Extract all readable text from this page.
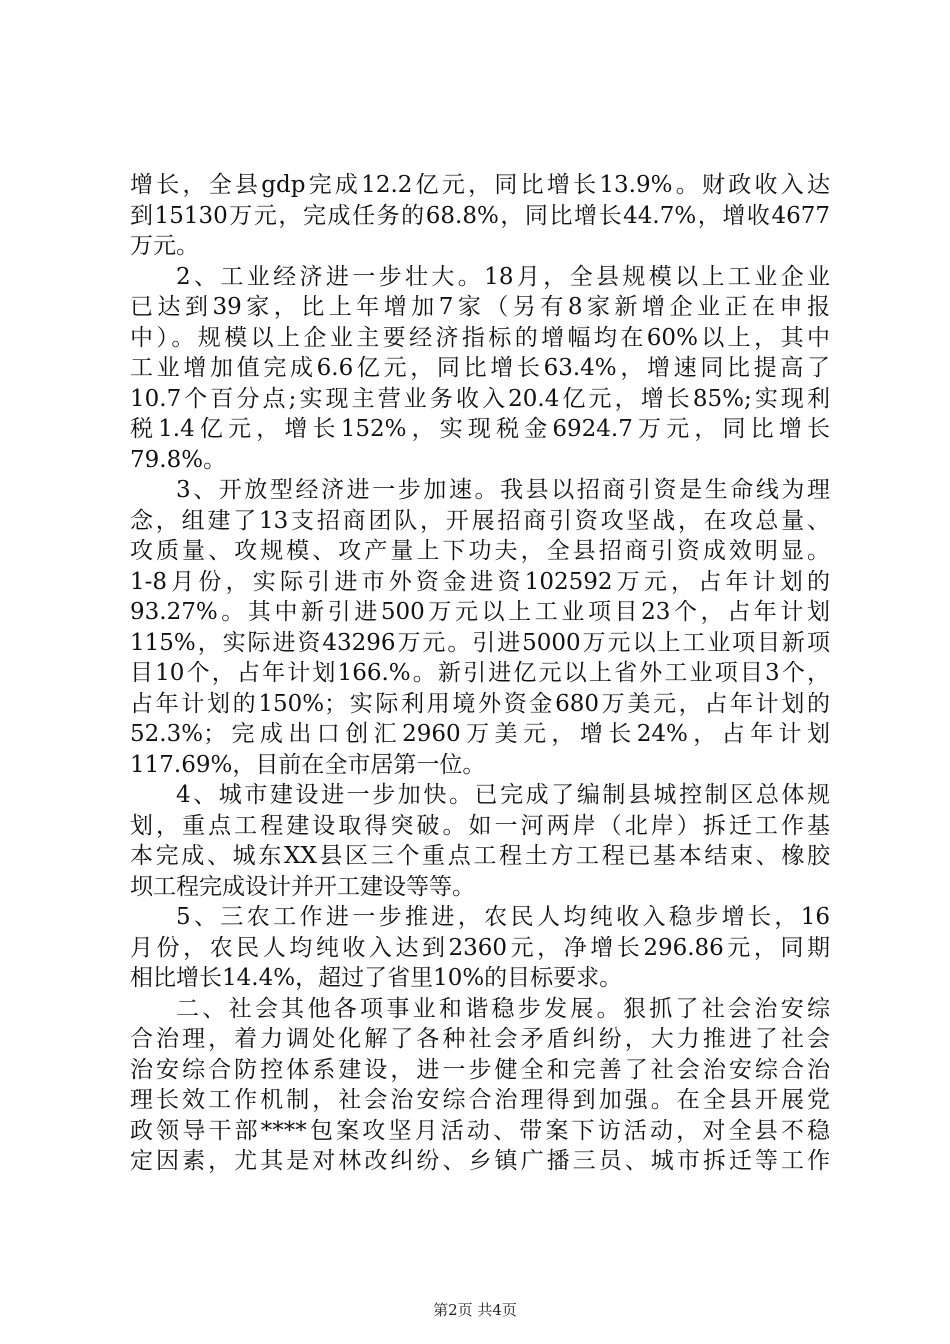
增长，全县gdp完成12.2亿元，同比增长13.9%。财政收入达
到15130万元，完成任务的68.8%，同比增长44.7%，增收4677
万元。
2、工业经济进一步壮大。18月，全县规模以上工业企业
已达到39家，比上年增加7家（另有8家新增企业正在申报
中）。规模以上企业主要经济指标的增幅均在60%以上，其中
工业增加值完成6.6亿元，同比增长63.4%，增速同比提高了
10.7个百分点;实现主营业务收入20.4亿元，增长85%;实现利
税1.4亿元，增长152%，实现税金6924.7万元，同比增长
79.8%。
3、开放型经济进一步加速。我县以招商引资是生命线为理
念，组建了13支招商团队，开展招商引资攻坚战，在攻总量、
攻质量、攻规模、攻产量上下功夫，全县招商引资成效明显。
1-8月份，实际引进市外资金进资102592万元，占年计划的
93.27%。其中新引进500万元以上工业项目23个，占年计划
115%，实际进资43296万元。引进5000万元以上工业项目新项
目10个，占年计划166.%。新引进亿元以上省外工业项目3个，
占年计划的150%；实际利用境外资金680万美元，占年计划的
52.3%；完成出口创汇2960万美元，增长24%，占年计划
117.69%，目前在全市居第一位。
4、城市建设进一步加快。已完成了编制县城控制区总体规
划，重点工程建设取得突破。如一河两岸（北岸）拆迁工作基
本完成、城东XX县区三个重点工程土方工程已基本结束、橡胶
坝工程完成设计并开工建设等等。
5、三农工作进一步推进，农民人均纯收入稳步增长，16
月份，农民人均纯收入达到2360元，净增长296.86元，同期
相比增长14.4%，超过了省里10%的目标要求。
二、社会其他各项事业和谐稳步发展。狠抓了社会治安综
合治理，着力调处化解了各种社会矛盾纠纷，大力推进了社会
治安综合防控体系建设，进一步健全和完善了社会治安综合治
理长效工作机制，社会治安综合治理得到加强。在全县开展党
政领导干部****包案攻坚月活动、带案下访活动，对全县不稳
定因素，尤其是对林改纠纷、乡镇广播三员、城市拆迁等工作
第2页 共4页
